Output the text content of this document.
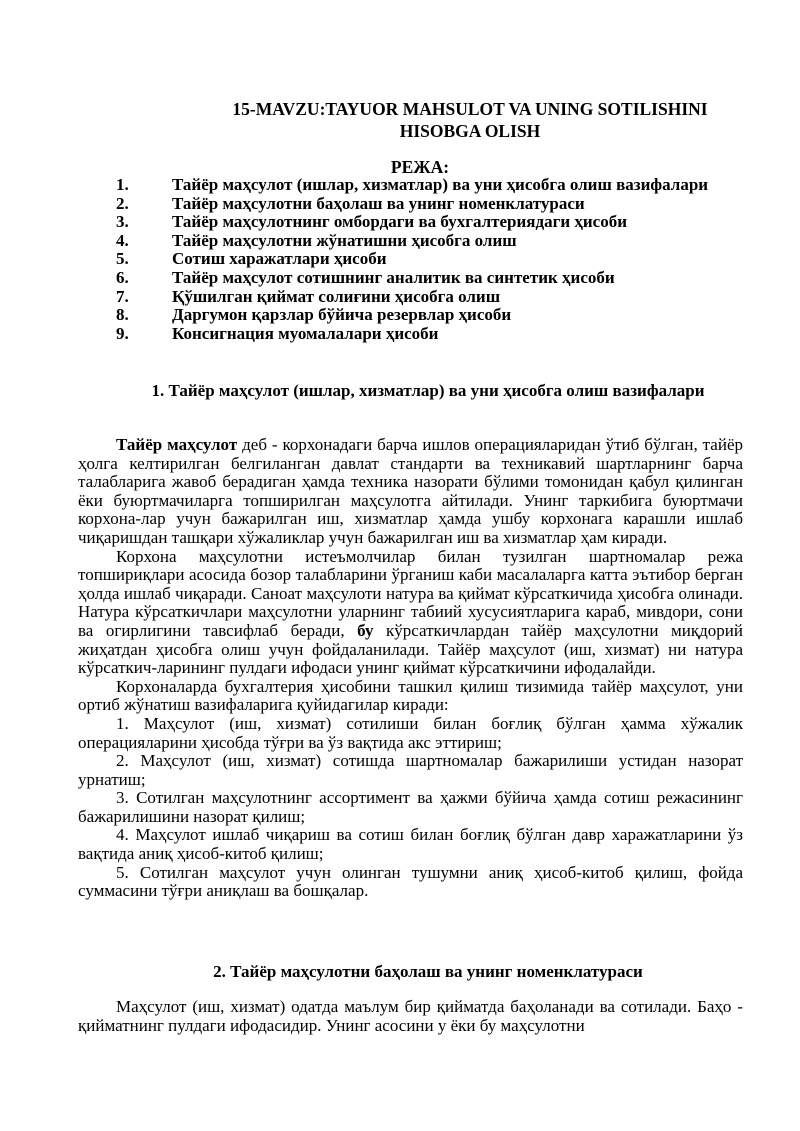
15-MAVZU:TAYUOR MAHSULOT VA UNING SOTILISHINI
HISOBGA OLISH
РЕЖА:
1.	Тайёр маҳсулот (ишлар, хизматлар) ва уни ҳисобга олиш вазифалари
2.	Тайёр маҳсулотни баҳолаш ва унинг номенклатураси
3.	Тайёр маҳсулотнинг омбордаги ва бухгалтериядаги ҳисоби
4.	Тайёр маҳсулотни жўнатишни ҳисобга олиш
5.	Сотиш харажатлари ҳисоби
6.	Тайёр маҳсулот сотишнинг аналитик ва синтетик ҳисоби
7.	Қўшилган қиймат солиғини ҳисобга олиш
8.	Даргумон қарзлар бўйича резервлар ҳисоби
9.	Консигнация муомалалари ҳисоби
1. Тайёр маҳсулот (ишлар, хизматлар) ва уни ҳисобга олиш вазифалари

Тайёр маҳсулот деб - корхонадаги барча ишлов операцияларидан ўтиб бўлган, тайёр ҳолга келтирилган белгиланган давлат стандарти ва техникавий шартларнинг барча талабларига жавоб берадиган ҳамда техника назорати бўлими томонидан қабул қилинган ёки буюртмачиларга топширилган маҳсулотга айтилади. Унинг таркибига буюртмачи корхона-лар учун бажарилган иш, хизматлар ҳамда ушбу корхонага карашли ишлаб чиқаришдан ташқари хўжаликлар учун бажарилган иш ва хизматлар ҳам киради.

Корхона маҳсулотни истеъмолчилар билан тузилган шартномалар режа топшириқлари асосида бозор талабларини ўрганиш каби масалаларга катта эътибор берган ҳолда ишлаб чиқаради. Саноат маҳсулоти натура ва қиймат кўрсаткичида ҳисобга олинади. Натура кўрсаткичлари маҳсулотни уларнинг табиий хусусиятларига караб, мивдори, сони ва огирлигини тавсифлаб беради, бу кўрсаткичлардан тайёр маҳсулотни миқдорий жиҳатдан ҳисобга олиш учун фойдаланилади. Тайёр маҳсулот (иш, хизмат) ни натура кўрсаткич-ларининг пулдаги ифодаси унинг қиймат кўрсаткичини ифодалайди.

Корхоналарда бухгалтерия ҳисобини ташкил қилиш тизимида тайёр маҳсулот, уни ортиб жўнатиш вазифаларига қуйидагилар киради:

1. Маҳсулот (иш, хизмат) сотилиши билан боғлиқ бўлган ҳамма хўжалик операцияларини ҳисобда тўғри ва ўз вақтида акс эттириш;

2. Маҳсулот (иш, хизмат) сотишда шартномалар бажарилиши устидан назорат урнатиш;

3. Сотилган маҳсулотнинг ассортимент ва ҳажми бўйича ҳамда сотиш режасининг бажарилишини назорат қилиш;

4. Маҳсулот ишлаб чиқариш ва сотиш билан боғлиқ бўлган давр харажатларини ўз вақтида аниқ ҳисоб-китоб қилиш;

5. Сотилган маҳсулот учун олинган тушумни аниқ ҳисоб-китоб қилиш, фойда суммасини тўғри аниқлаш ва бошқалар.

2. Тайёр маҳсулотни баҳолаш ва унинг номенклатураси

Маҳсулот (иш, хизмат) одатда маълум бир қийматда баҳоланади ва сотилади. Баҳо - қийматнинг пулдаги ифодасидир. Унинг асосини у ёки бу маҳсулотни
